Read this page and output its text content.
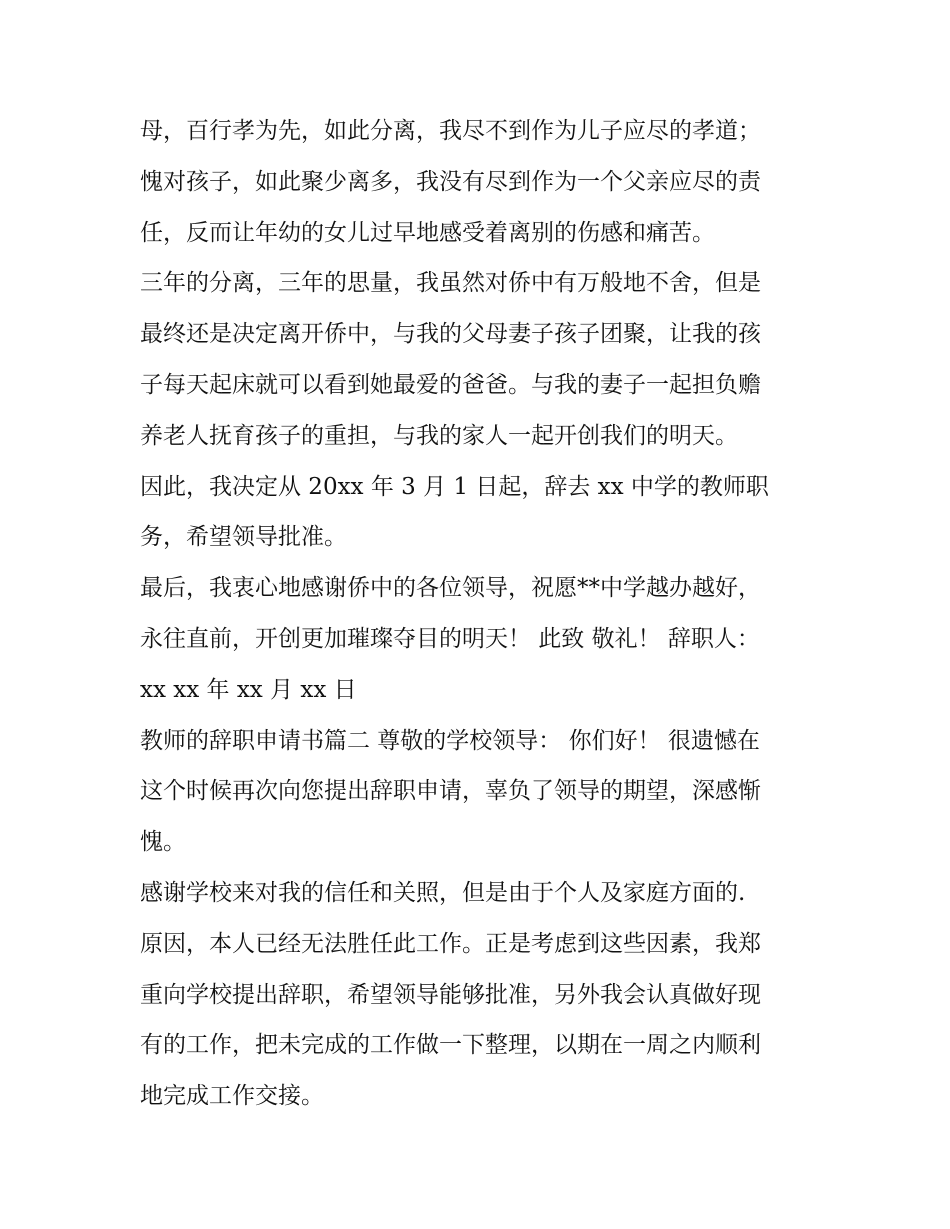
母，百行孝为先，如此分离，我尽不到作为儿子应尽的孝道；
愧对孩子，如此聚少离多，我没有尽到作为一个父亲应尽的责
任，反而让年幼的女儿过早地感受着离别的伤感和痛苦。
三年的分离，三年的思量，我虽然对侨中有万般地不舍，但是
最终还是决定离开侨中，与我的父母妻子孩子团聚，让我的孩
子每天起床就可以看到她最爱的爸爸。与我的妻子一起担负赡
养老人抚育孩子的重担，与我的家人一起开创我们的明天。
因此，我决定从 20xx 年 3 月 1 日起，辞去 xx 中学的教师职
务，希望领导批准。
最后，我衷心地感谢侨中的各位领导，祝愿**中学越办越好，
永往直前，开创更加璀璨夺目的明天！ 此致 敬礼！ 辞职人：
xx xx 年 xx 月 xx 日
教师的辞职申请书篇二 尊敬的学校领导： 你们好！ 很遗憾在
这个时候再次向您提出辞职申请，辜负了领导的期望，深感惭
愧。
感谢学校来对我的信任和关照，但是由于个人及家庭方面的.
原因，本人已经无法胜任此工作。正是考虑到这些因素，我郑
重向学校提出辞职，希望领导能够批准，另外我会认真做好现
有的工作，把未完成的工作做一下整理，以期在一周之内顺利
地完成工作交接。
